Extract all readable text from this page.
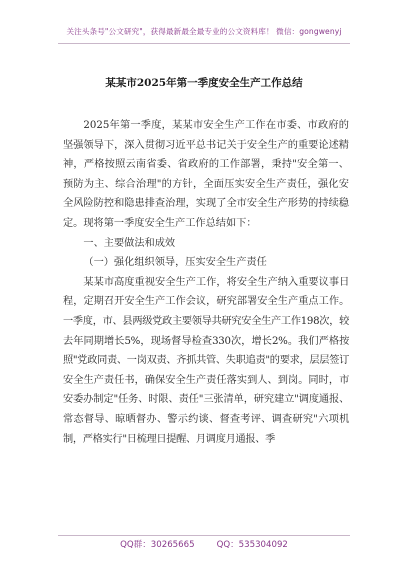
关注头条号"公文研究"，获得最新最全最专业的公文资料库！ 微信：gongwenyj
某某市2025年第一季度安全生产工作总结

2025年第一季度，某某市安全生产工作在市委、市政府的坚强领导下，深入贯彻习近平总书记关于安全生产的重要论述精神，严格按照云南省委、省政府的工作部署，秉持"安全第一、预防为主、综合治理"的方针，全面压实安全生产责任，强化安全风险防控和隐患排查治理，实现了全市安全生产形势的持续稳定。现将第一季度安全生产工作总结如下：

一、主要做法和成效

（一）强化组织领导，压实安全生产责任

某某市高度重视安全生产工作，将安全生产纳入重要议事日程，定期召开安全生产工作会议，研究部署安全生产重点工作。一季度，市、县两级党政主要领导共研究安全生产工作198次，较去年同期增长5%，现场督导检查330次，增长2%。我们严格按照"党政同责、一岗双责、齐抓共管、失职追责"的要求，层层签订安全生产责任书，确保安全生产责任落实到人、到岗。同时，市安委办制定"任务、时限、责任"三张清单，研究建立"调度通报、常态督导、晾晒督办、警示约谈、督查考评、调查研究"六项机制，严格实行"日梳理日提醒、月调度月通报、季

QQ群：30265665	QQ：535304092
